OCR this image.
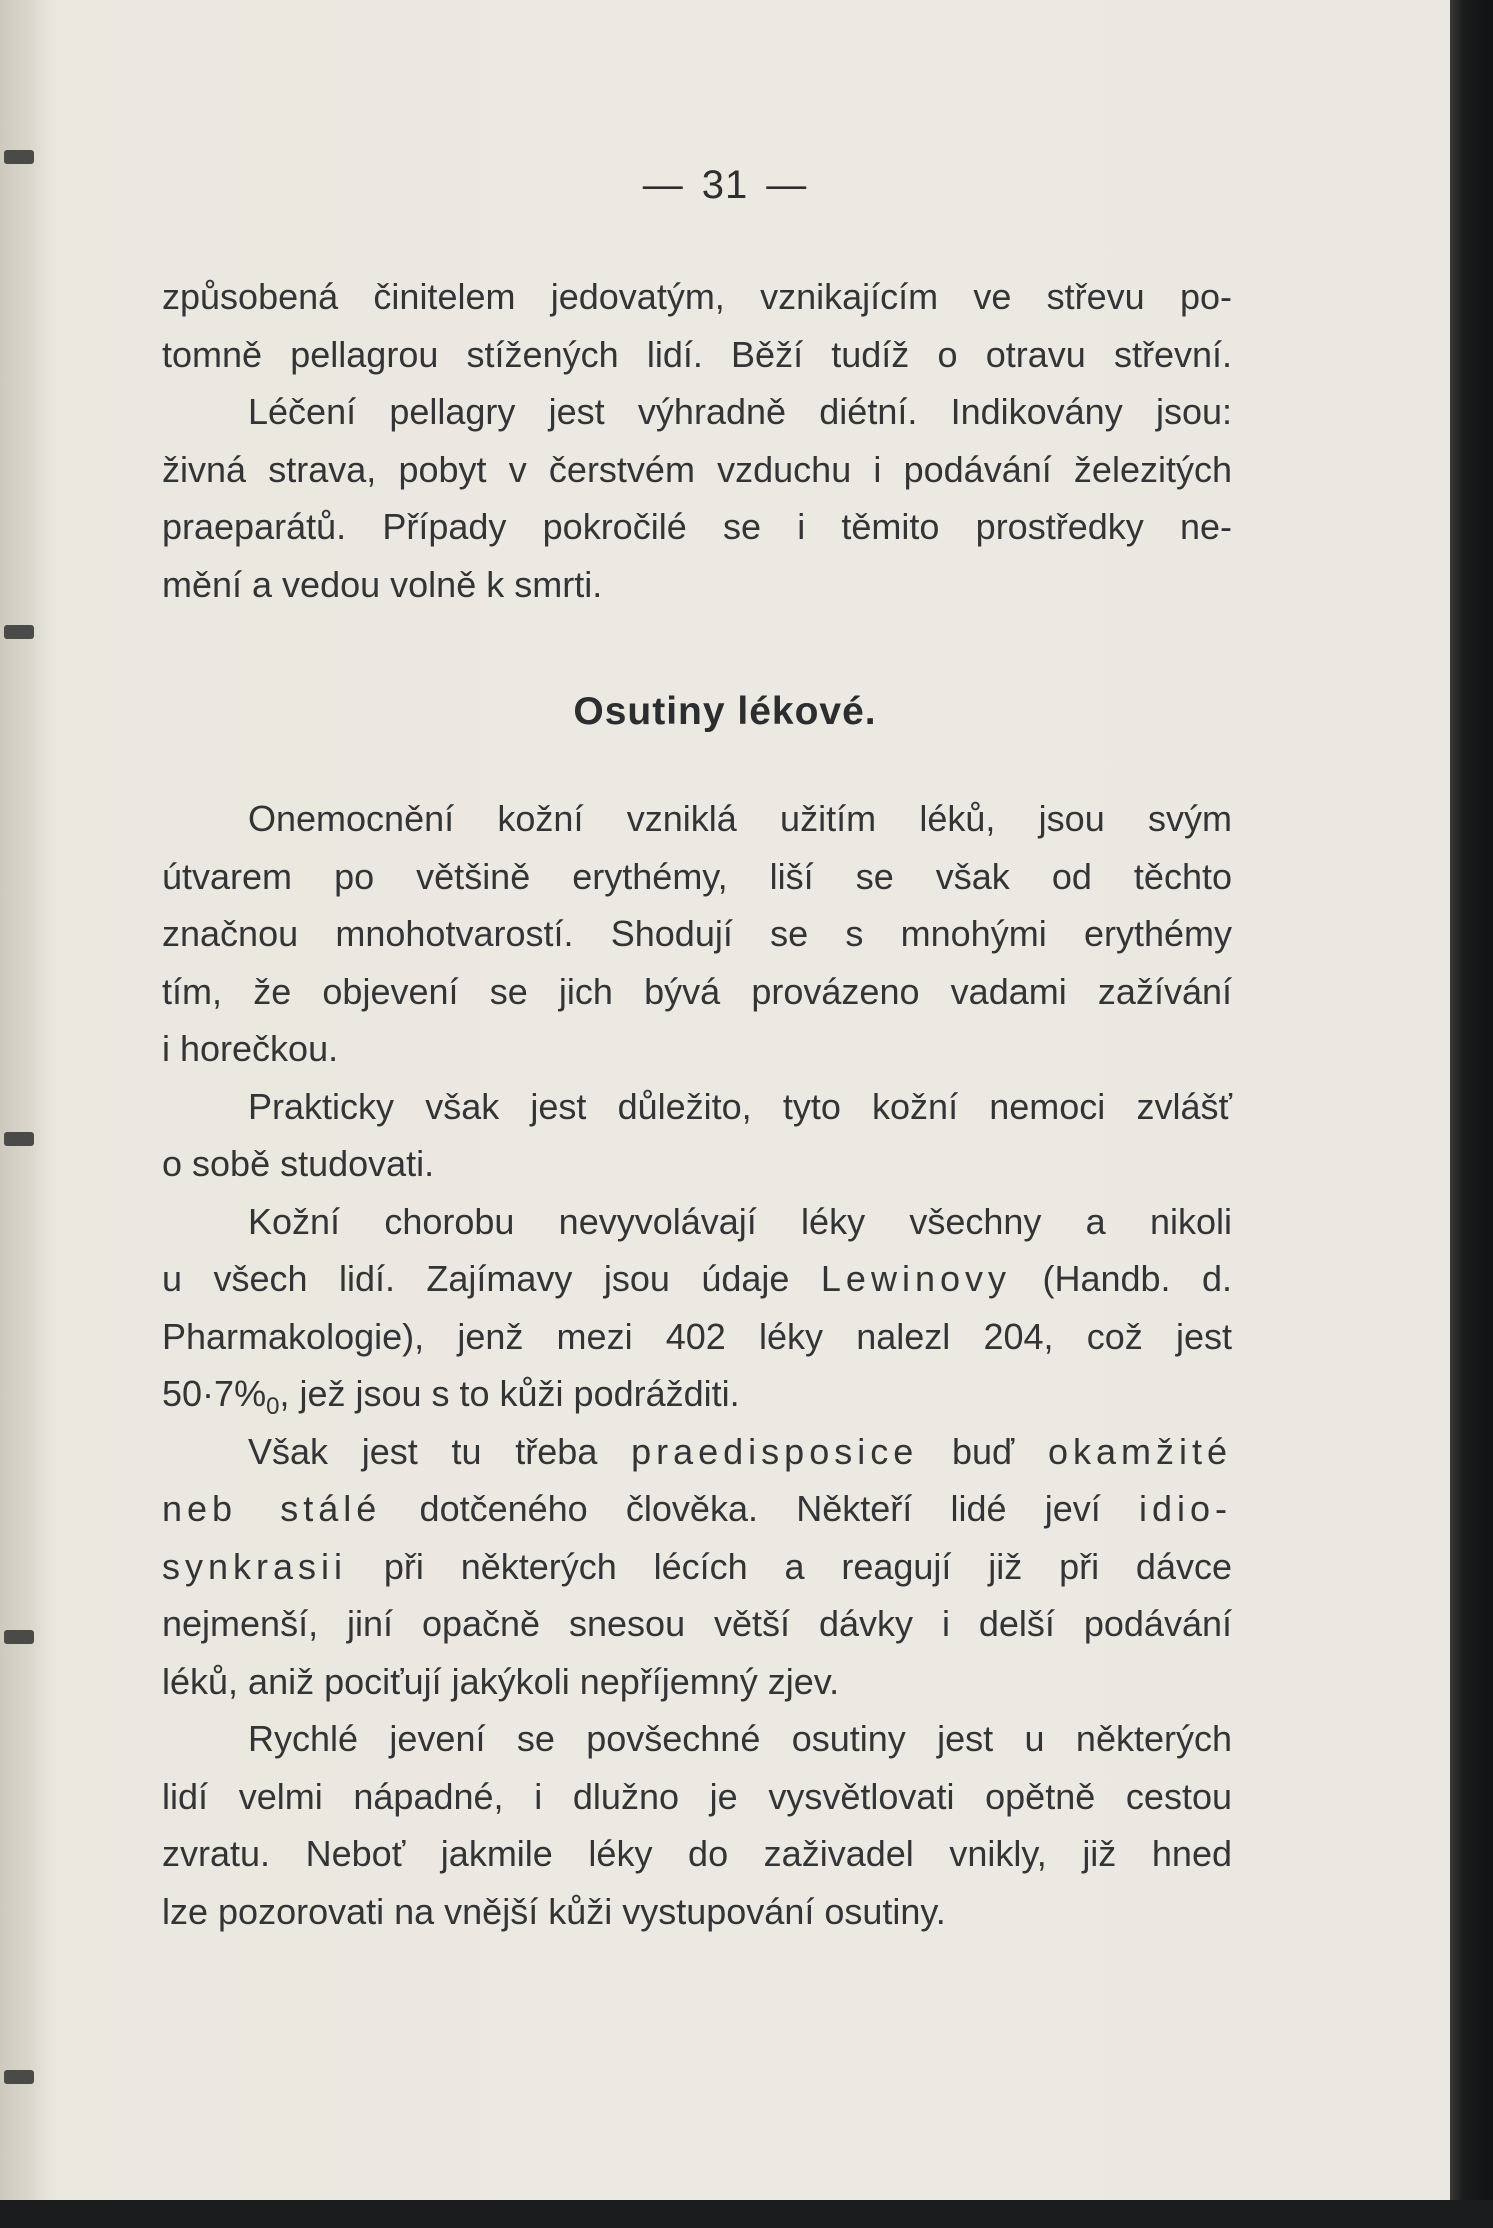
— 31 —
způsobená činitelem jedovatým, vznikajícím ve střevu po-
tomně pellagrou stížených lidí. Běží tudíž o otravu střevní.
Léčení pellagry jest výhradně diétní. Indikovány jsou:
živná strava, pobyt v čerstvém vzduchu i podávání železitých
praeparátů. Případy pokročilé se i těmito prostředky ne-
mění a vedou volně k smrti.
Osutiny lékové.
Onemocnění kožní vzniklá užitím léků, jsou svým
útvarem po většině erythémy, liší se však od těchto
značnou mnohotvarostí. Shodují se s mnohými erythémy
tím, že objevení se jich bývá provázeno vadami zažívání
i horečkou.
Prakticky však jest důležito, tyto kožní nemoci zvlášť
o sobě studovati.
Kožní chorobu nevyvolávají léky všechny a nikoli
u všech lidí. Zajímavy jsou údaje Lewinovy (Handb. d.
Pharmakologie), jenž mezi 402 léky nalezl 204, což jest
$50\cdot 7\%_0$, jež jsou s to kůži podrážditi.
Však jest tu třeba praedisposice buď okamžité
neb stálé dotčeného člověka. Někteří lidé jeví idio-
synkrasii při některých lécích a reagují již při dávce
nejmenší, jiní opačně snesou větší dávky i delší podávání
léků, aniž pociťují jakýkoli nepříjemný zjev.
Rychlé jevení se povšechné osutiny jest u některých
lidí velmi nápadné, i dlužno je vysvětlovati opětně cestou
zvratu. Neboť jakmile léky do zaživadel vnikly, již hned
lze pozorovati na vnější kůži vystupování osutiny.
